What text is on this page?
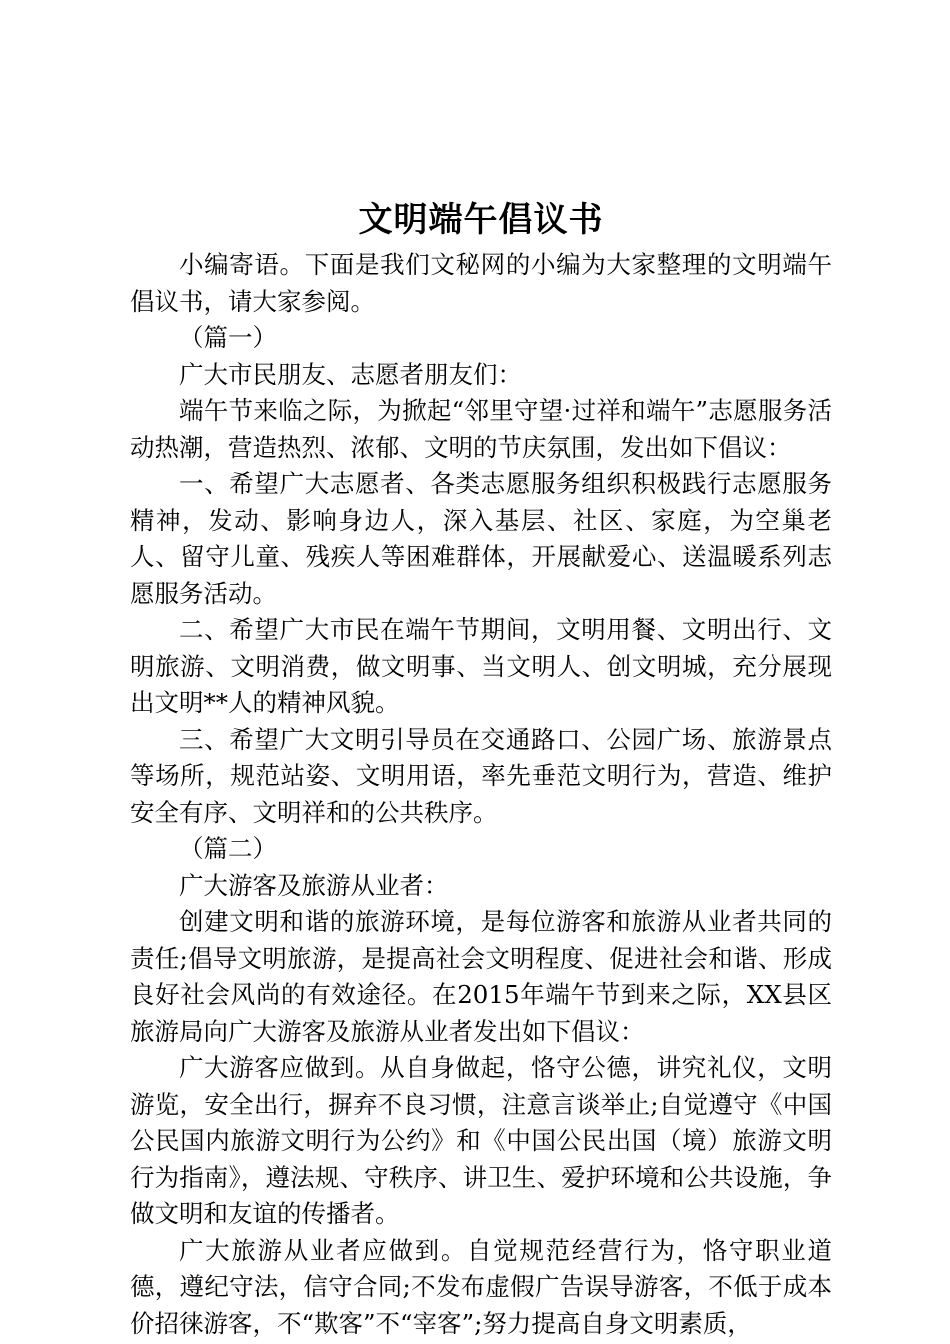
文明端午倡议书

小编寄语。下面是我们文秘网的小编为大家整理的文明端午倡议书，请大家参阅。

（篇一）

广大市民朋友、志愿者朋友们：

端午节来临之际，为掀起“邻里守望·过祥和端午”志愿服务活动热潮，营造热烈、浓郁、文明的节庆氛围，发出如下倡议：

一、希望广大志愿者、各类志愿服务组织积极践行志愿服务精神，发动、影响身边人，深入基层、社区、家庭，为空巢老人、留守儿童、残疾人等困难群体，开展献爱心、送温暖系列志愿服务活动。

二、希望广大市民在端午节期间，文明用餐、文明出行、文明旅游、文明消费，做文明事、当文明人、创文明城，充分展现出文明**人的精神风貌。

三、希望广大文明引导员在交通路口、公园广场、旅游景点等场所，规范站姿、文明用语，率先垂范文明行为，营造、维护安全有序、文明祥和的公共秩序。

（篇二）

广大游客及旅游从业者：

创建文明和谐的旅游环境，是每位游客和旅游从业者共同的责任;倡导文明旅游，是提高社会文明程度、促进社会和谐、形成良好社会风尚的有效途径。在2015年端午节到来之际，XX县区旅游局向广大游客及旅游从业者发出如下倡议：

广大游客应做到。从自身做起，恪守公德，讲究礼仪，文明游览，安全出行，摒弃不良习惯，注意言谈举止;自觉遵守《中国公民国内旅游文明行为公约》和《中国公民出国（境）旅游文明行为指南》，遵法规、守秩序、讲卫生、爱护环境和公共设施，争做文明和友谊的传播者。

广大旅游从业者应做到。自觉规范经营行为，恪守职业道德，遵纪守法，信守合同;不发布虚假广告误导游客，不低于成本价招徕游客，不“欺客”不“宰客”;努力提高自身文明素质，
